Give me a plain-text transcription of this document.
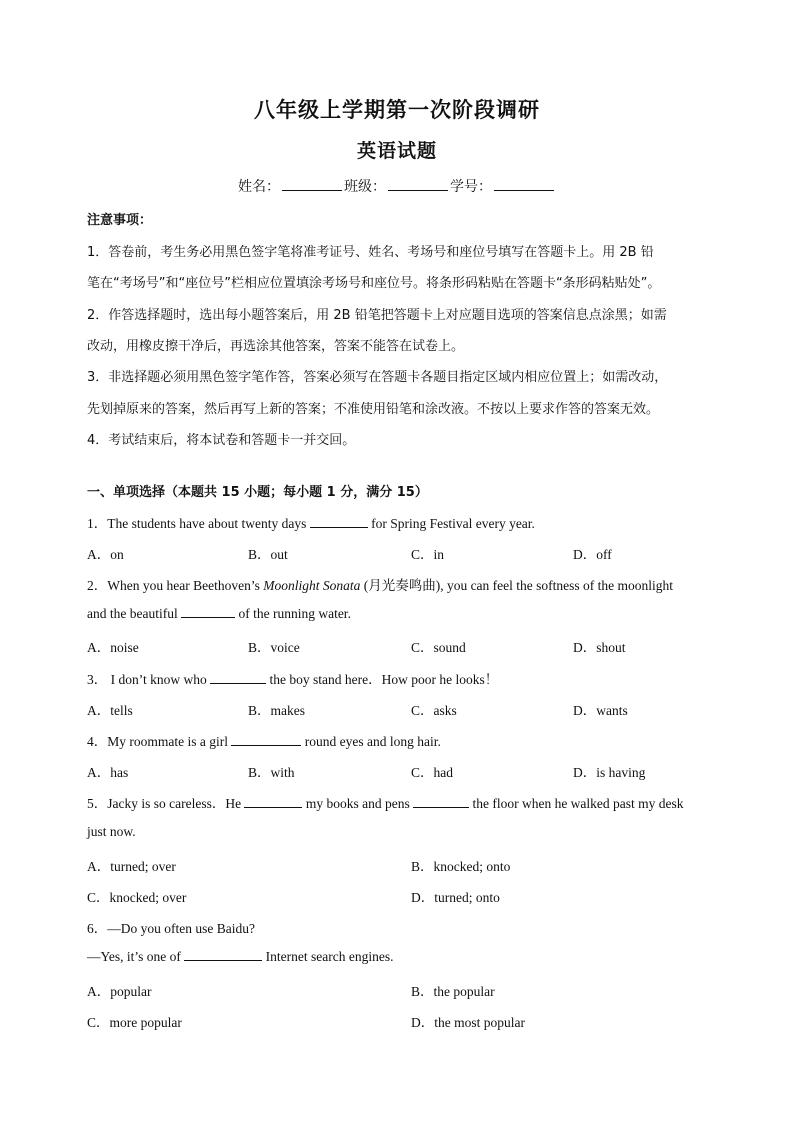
八年级上学期第一次阶段调研
英语试题
姓名：	班级：	学号：
注意事项：
1．答卷前，考生务必用黑色签字笔将准考证号、姓名、考场号和座位号填写在答题卡上。用 2B 铅
笔在“考场号”和“座位号”栏相应位置填涂考场号和座位号。将条形码粘贴在答题卡“条形码粘贴处”。
2．作答选择题时，选出每小题答案后，用 2B 铅笔把答题卡上对应题目选项的答案信息点涂黑；如需
改动，用橡皮擦干净后，再选涂其他答案，答案不能答在试卷上。
3．非选择题必须用黑色签字笔作答，答案必须写在答题卡各题目指定区域内相应位置上；如需改动，
先划掉原来的答案，然后再写上新的答案；不准使用铅笔和涂改液。不按以上要求作答的答案无效。
4．考试结束后，将本试卷和答题卡一并交回。
一、单项选择（本题共 15 小题；每小题 1 分，满分 15）
1．The students have about twenty days	for Spring Festival every year.
A．on	B．out	C．in	D．off
2．When you hear Beethoven’s Moonlight Sonata (月光奏鸣曲), you can feel the softness of the moonlight
and the beautiful	of the running water.
A．noise	B．voice	C．sound	D．shout
3． I don’t know who	the boy stand here．How poor he looks！
A．tells	B．makes	C．asks	D．wants
4．My roommate is a girl	round eyes and long hair.
A．has	B．with	C．had	D．is having
5．Jacky is so careless．He	my books and pens	the floor when he walked past my desk
just now.
A．turned; over	B．knocked; onto
C．knocked; over	D．turned; onto
6．—Do you often use Baidu?
—Yes, it’s one of	Internet search engines.
A．popular	B．the popular
C．more popular	D．the most popular
